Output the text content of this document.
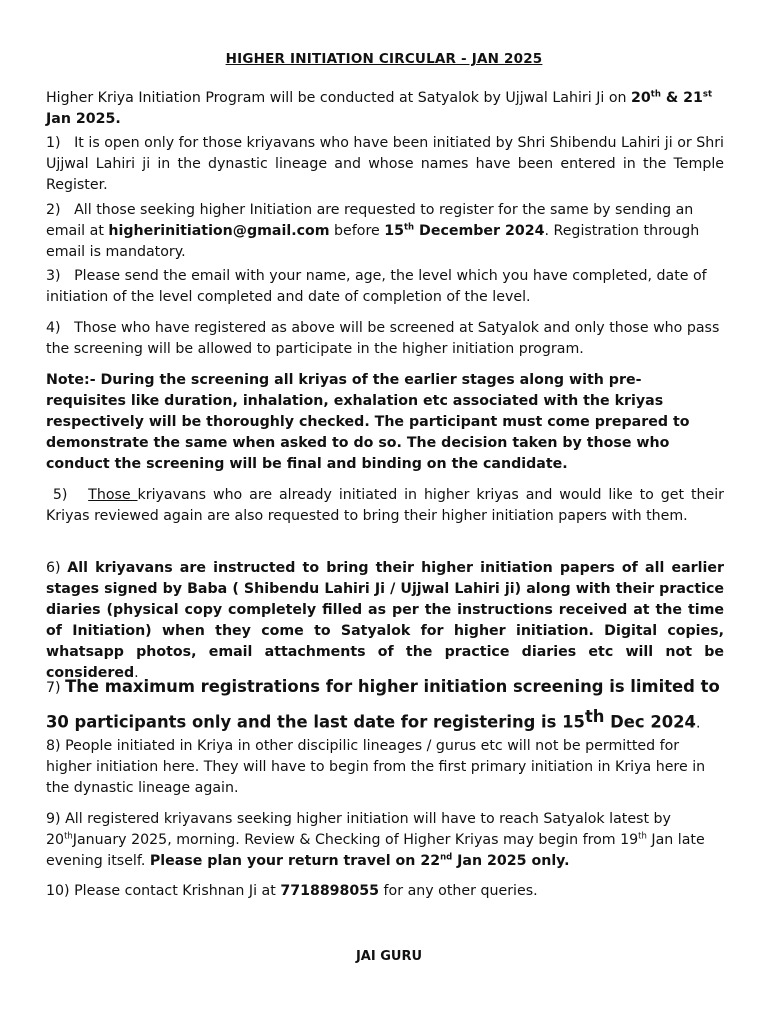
HIGHER INITIATION CIRCULAR - JAN 2025

Higher Kriya Initiation Program will be conducted at Satyalok by Ujjwal Lahiri Ji on 20th & 21st
Jan 2025.

1) It is open only for those kriyavans who have been initiated by Shri Shibendu Lahiri ji or Shri Ujjwal Lahiri ji in the dynastic lineage and whose names have been entered in the Temple Register.

2) All those seeking higher Initiation are requested to register for the same by sending an email at higherinitiation@gmail.com before 15th December 2024. Registration through email is mandatory.

3) Please send the email with your name, age, the level which you have completed, date of initiation of the level completed and date of completion of the level.

4) Those who have registered as above will be screened at Satyalok and only those who pass the screening will be allowed to participate in the higher initiation program.

Note:- During the screening all kriyas of the earlier stages along with pre- requisites like duration, inhalation, exhalation etc associated with the kriyas respectively will be thoroughly checked. The participant must come prepared to demonstrate the same when asked to do so. The decision taken by those who conduct the screening will be final and binding on the candidate.

5) Those kriyavans who are already initiated in higher kriyas and would like to get their Kriyas reviewed again are also requested to bring their higher initiation papers with them.

6) All kriyavans are instructed to bring their higher initiation papers of all earlier stages signed by Baba ( Shibendu Lahiri Ji / Ujjwal Lahiri ji) along with their practice diaries (physical copy completely filled as per the instructions received at the time of Initiation) when they come to Satyalok for higher initiation. Digital copies, whatsapp photos, email attachments of the practice diaries etc will not be considered.

7) The maximum registrations for higher initiation screening is limited to 30 participants only and the last date for registering is 15th Dec 2024.

8) People initiated in Kriya in other discipilic lineages / gurus etc will not be permitted for higher initiation here. They will have to begin from the first primary initiation in Kriya here in the dynastic lineage again.

9) All registered kriyavans seeking higher initiation will have to reach Satyalok latest by 20thJanuary 2025, morning. Review & Checking of Higher Kriyas may begin from 19th Jan late evening itself. Please plan your return travel on 22nd Jan 2025 only.

10) Please contact Krishnan Ji at 7718898055 for any other queries.

JAI GURU
